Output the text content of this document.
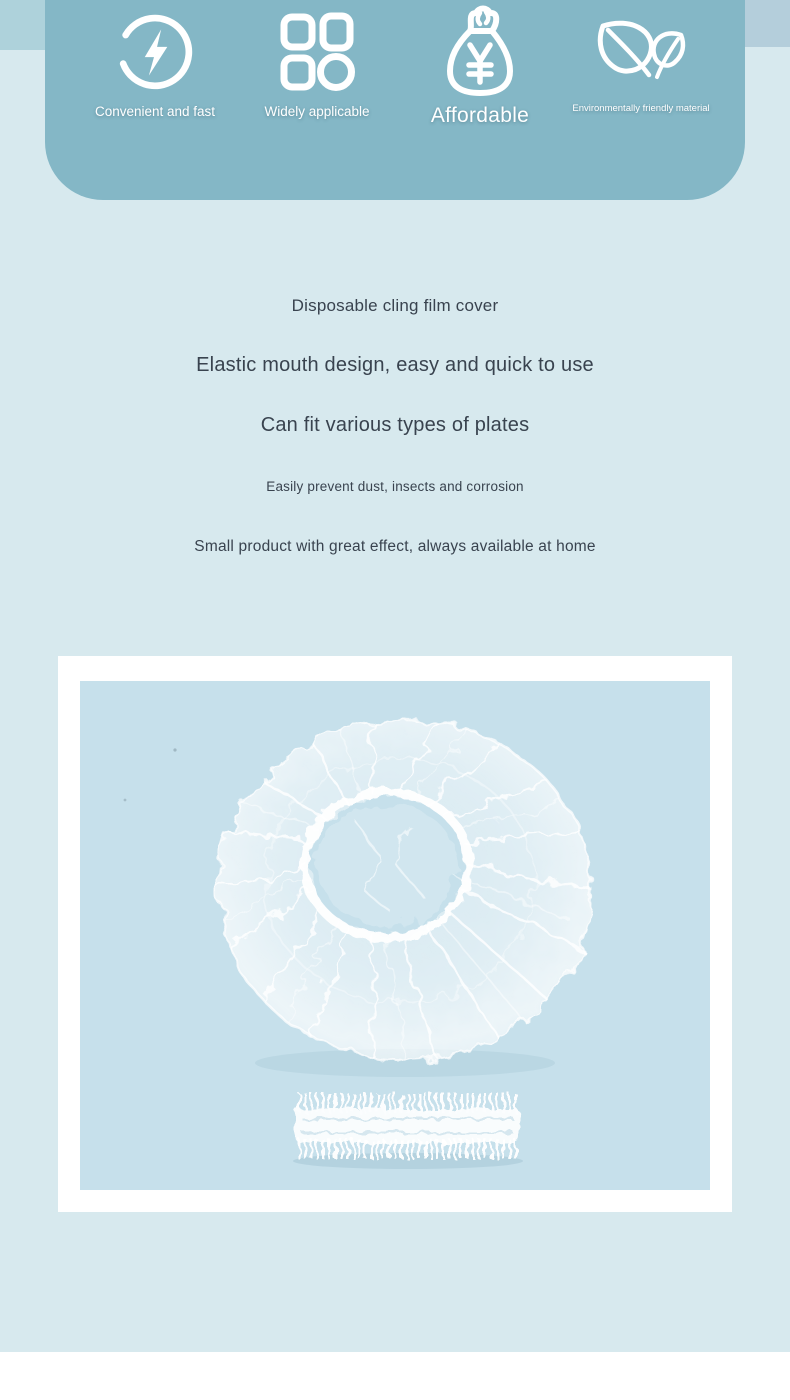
Convenient and fast	Widely applicable	Affordable	Environmentally friendly material

Disposable cling film cover

Elastic mouth design, easy and quick to use

Can fit various types of plates

Easily prevent dust, insects and corrosion

Small product with great effect, always available at home
